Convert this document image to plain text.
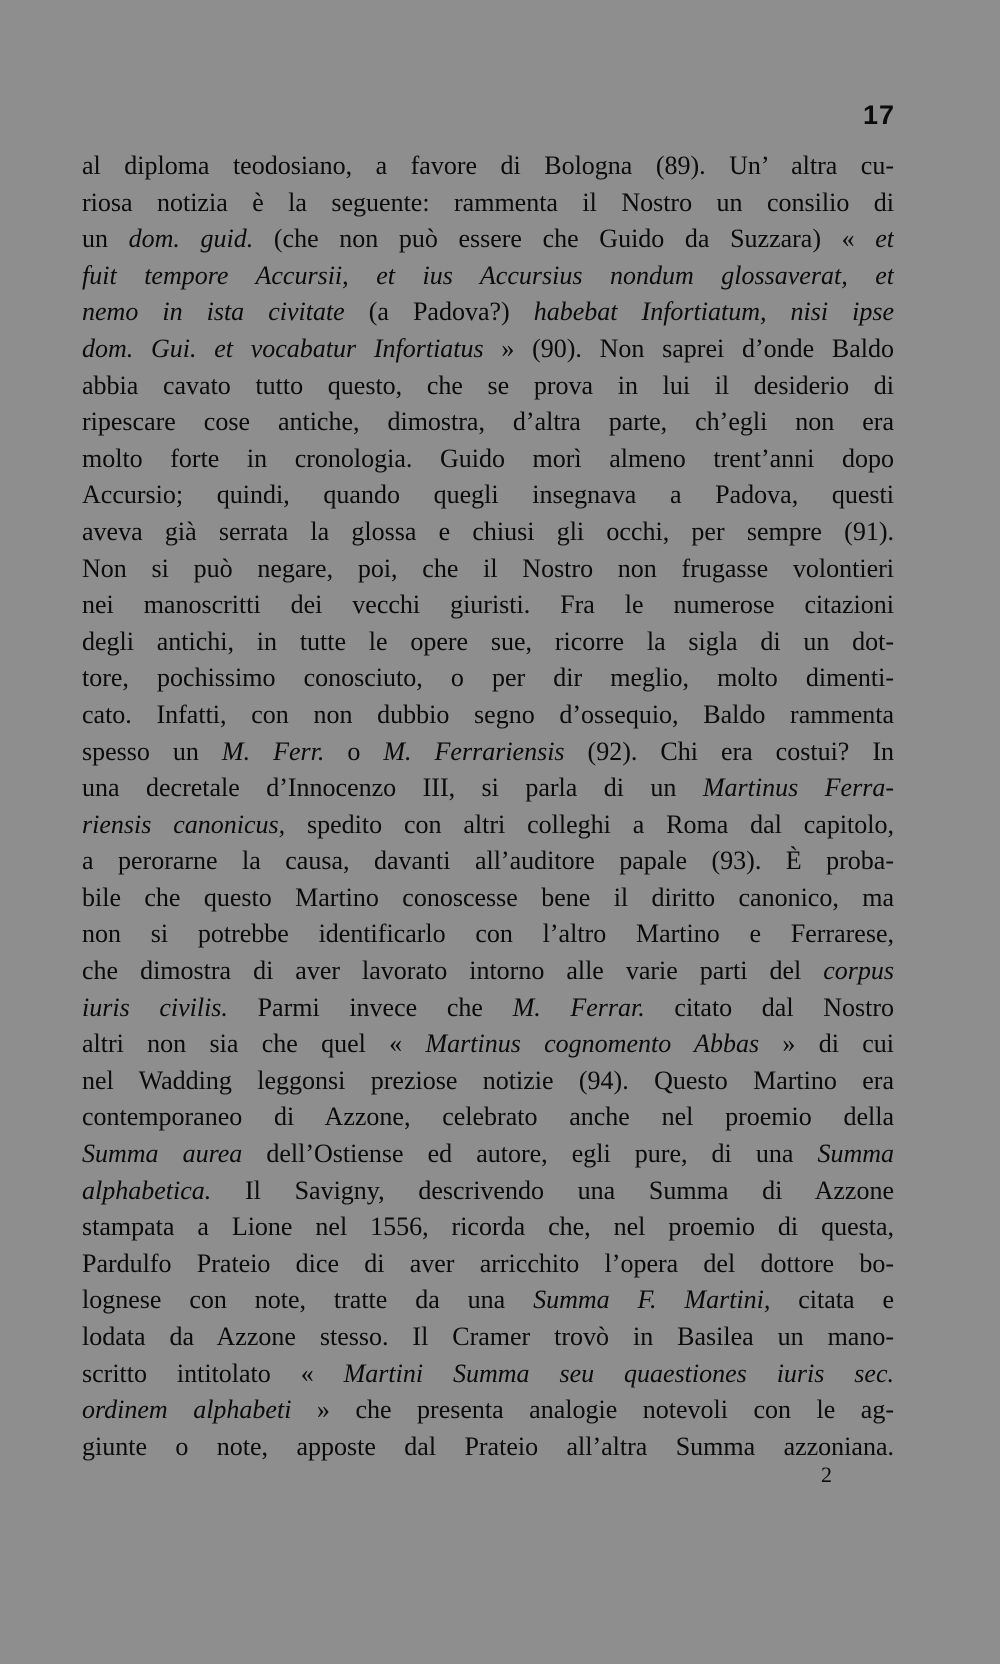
17
al diploma teodosiano, a favore di Bologna (89). Un’ altra cu-
riosa notizia è la seguente: rammenta il Nostro un consilio di
un dom. guid. (che non può essere che Guido da Suzzara) « et
fuit tempore Accursii, et ius Accursius nondum glossaverat, et
nemo in ista civitate (a Padova?) habebat Infortiatum, nisi ipse
dom. Gui. et vocabatur Infortiatus » (90). Non saprei d’onde Baldo
abbia cavato tutto questo, che se prova in lui il desiderio di
ripescare cose antiche, dimostra, d’altra parte, ch’egli non era
molto forte in cronologia. Guido morì almeno trent’anni dopo
Accursio; quindi, quando quegli insegnava a Padova, questi
aveva già serrata la glossa e chiusi gli occhi, per sempre (91).
Non si può negare, poi, che il Nostro non frugasse volontieri
nei manoscritti dei vecchi giuristi. Fra le numerose citazioni
degli antichi, in tutte le opere sue, ricorre la sigla di un dot-
tore, pochissimo conosciuto, o per dir meglio, molto dimenti-
cato. Infatti, con non dubbio segno d’ossequio, Baldo rammenta
spesso un M. Ferr. o M. Ferrariensis (92). Chi era costui? In
una decretale d’Innocenzo III, si parla di un Martinus Ferra-
riensis canonicus, spedito con altri colleghi a Roma dal capitolo,
a perorarne la causa, davanti all’auditore papale (93). È proba-
bile che questo Martino conoscesse bene il diritto canonico, ma
non si potrebbe identificarlo con l’altro Martino e Ferrarese,
che dimostra di aver lavorato intorno alle varie parti del corpus
iuris civilis. Parmi invece che M. Ferrar. citato dal Nostro
altri non sia che quel « Martinus cognomento Abbas » di cui
nel Wadding leggonsi preziose notizie (94). Questo Martino era
contemporaneo di Azzone, celebrato anche nel proemio della
Summa aurea dell’Ostiense ed autore, egli pure, di una Summa
alphabetica. Il Savigny, descrivendo una Summa di Azzone
stampata a Lione nel 1556, ricorda che, nel proemio di questa,
Pardulfo Prateio dice di aver arricchito l’opera del dottore bo-
lognese con note, tratte da una Summa F. Martini, citata e
lodata da Azzone stesso. Il Cramer trovò in Basilea un mano-
scritto intitolato « Martini Summa seu quaestiones iuris sec.
ordinem alphabeti » che presenta analogie notevoli con le ag-
giunte o note, apposte dal Prateio all’altra Summa azzoniana.
2
